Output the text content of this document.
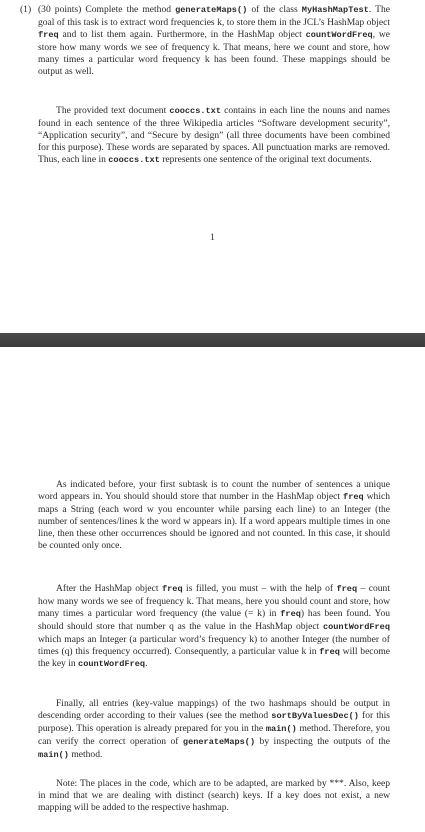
(1) (30 points) Complete the method generateMaps() of the class MyHashMapTest. The goal of this task is to extract word frequencies k, to store them in the JCL’s HashMap object freq and to list them again. Furthermore, in the HashMap object countWordFreq, we store how many words we see of frequency k. That means, here we count and store, how many times a particular word frequency k has been found. These mappings should be output as well.

The provided text document cooccs.txt contains in each line the nouns and names found in each sentence of the three Wikipedia articles “Software development security”, “Application security”, and “Secure by design” (all three documents have been combined for this purpose). These words are separated by spaces. All punctuation marks are removed. Thus, each line in cooccs.txt represents one sentence of the original text documents.

1

As indicated before, your first subtask is to count the number of sentences a unique word appears in. You should should store that number in the HashMap object freq which maps a String (each word w you encounter while parsing each line) to an Integer (the number of sentences/lines k the word w appears in). If a word appears multiple times in one line, then these other occurrences should be ignored and not counted. In this case, it should be counted only once.

After the HashMap object freq is filled, you must – with the help of freq – count how many words we see of frequency k. That means, here you should count and store, how many times a particular word frequency (the value (= k) in freq) has been found. You should should store that number q as the value in the HashMap object countWordFreq which maps an Integer (a particular word’s frequency k) to another Integer (the number of times (q) this frequency occurred). Consequently, a particular value k in freq will become the key in countWordFreq.

Finally, all entries (key-value mappings) of the two hashmaps should be output in descending order according to their values (see the method sortByValuesDec() for this purpose). This operation is already prepared for you in the main() method. Therefore, you can verify the correct operation of generateMaps() by inspecting the outputs of the main() method.

Note: The places in the code, which are to be adapted, are marked by ***. Also, keep in mind that we are dealing with distinct (search) keys. If a key does not exist, a new mapping will be added to the respective hashmap.
